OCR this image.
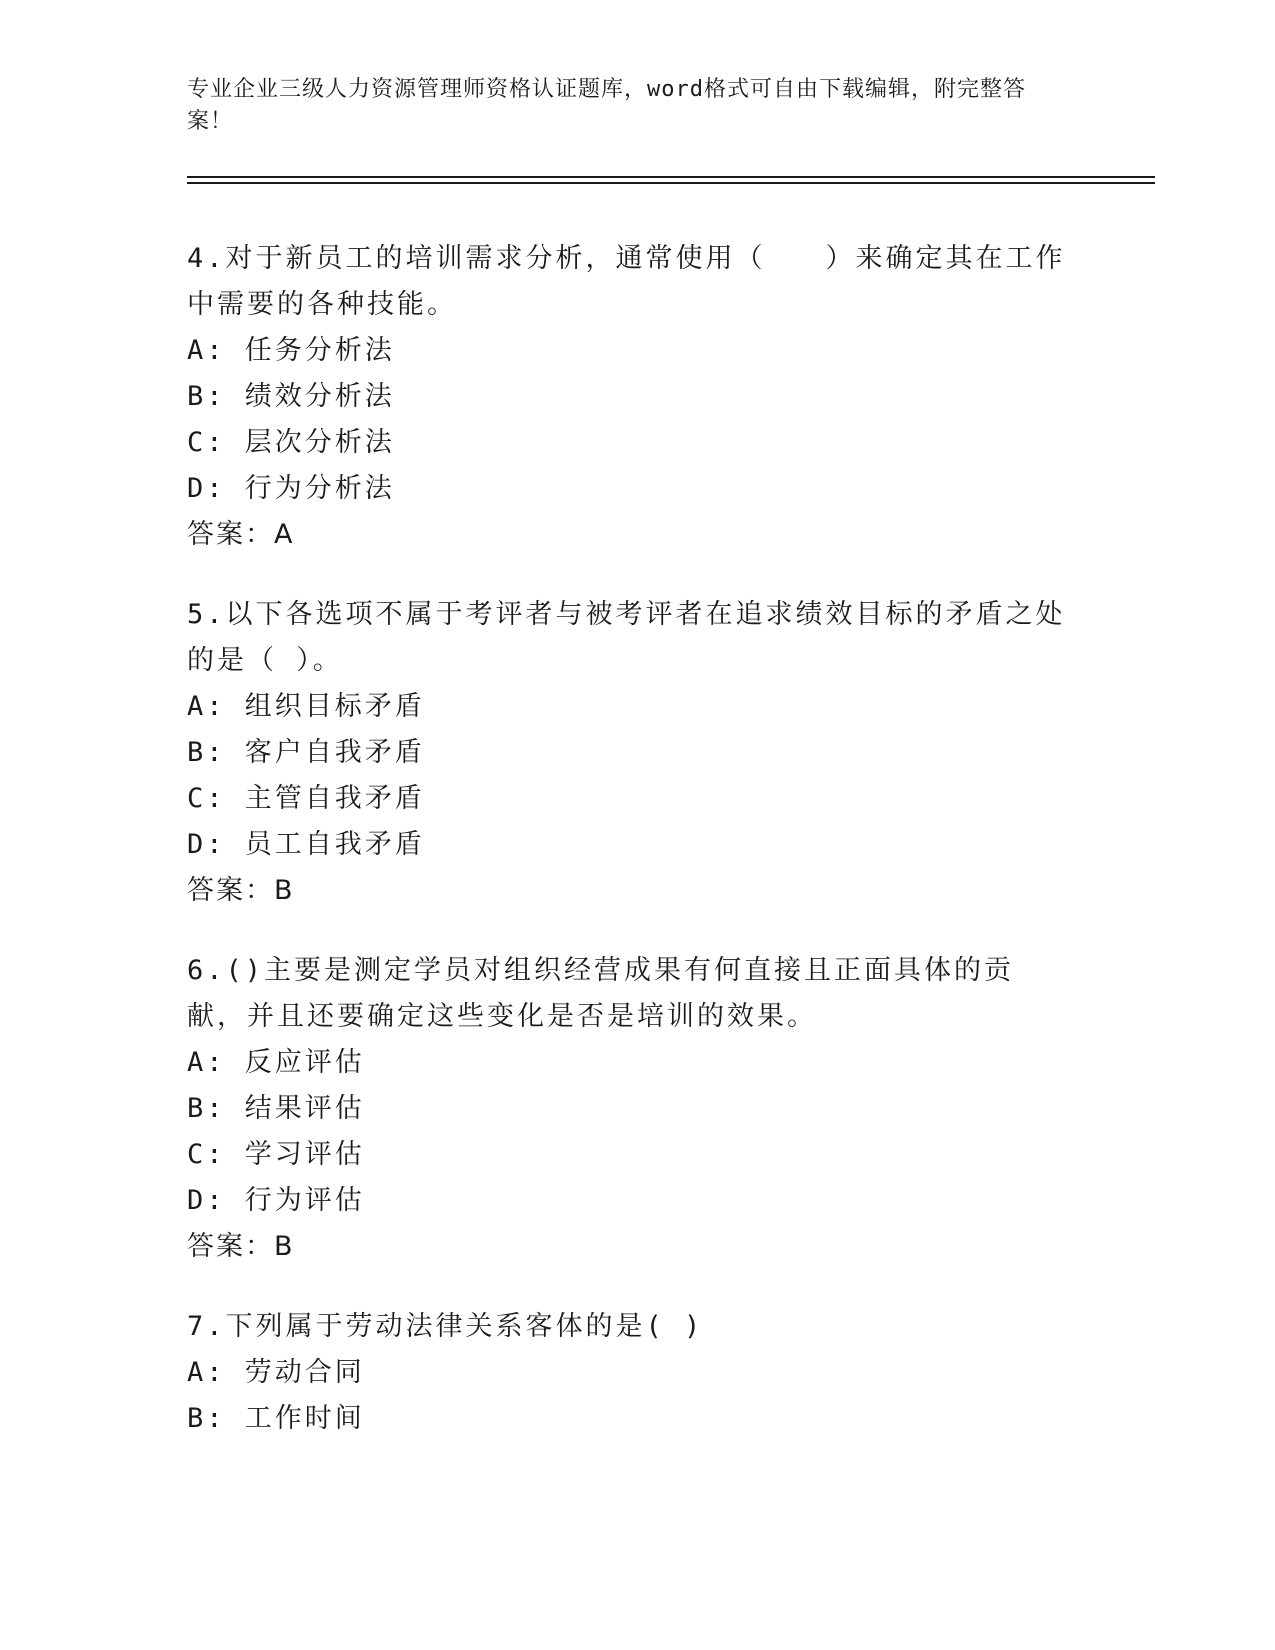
专业企业三级人力资源管理师资格认证题库，word格式可自由下载编辑，附完整答案！
4.对于新员工的培训需求分析，通常使用（　　）来确定其在工作中需要的各种技能。
A: 任务分析法
B: 绩效分析法
C: 层次分析法
D: 行为分析法
答案：A
5.以下各选项不属于考评者与被考评者在追求绩效目标的矛盾之处的是（ ）。
A: 组织目标矛盾
B: 客户自我矛盾
C: 主管自我矛盾
D: 员工自我矛盾
答案：B
6.()主要是测定学员对组织经营成果有何直接且正面具体的贡献，并且还要确定这些变化是否是培训的效果。
A: 反应评估
B: 结果评估
C: 学习评估
D: 行为评估
答案：B
7.下列属于劳动法律关系客体的是( )
A: 劳动合同
B: 工作时间
